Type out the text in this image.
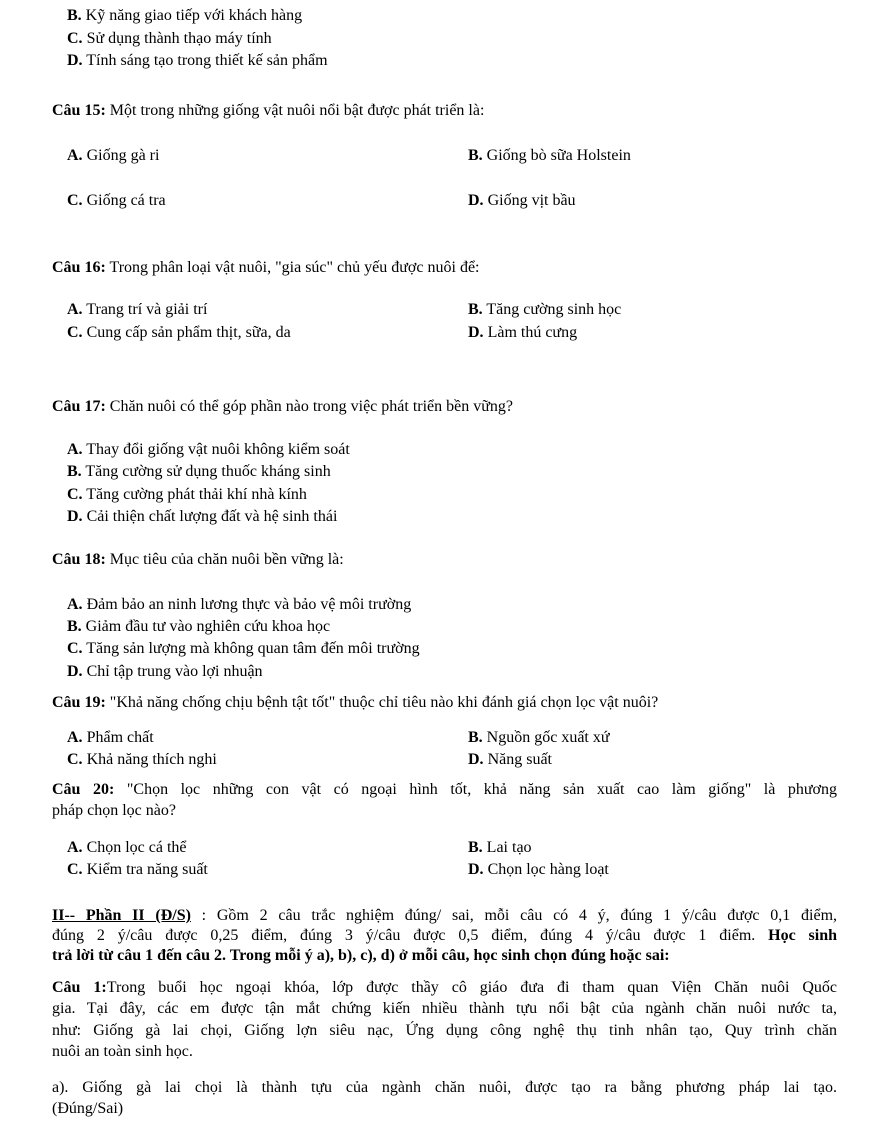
B. Kỹ năng giao tiếp với khách hàng
C. Sử dụng thành thạo máy tính
D. Tính sáng tạo trong thiết kế sản phẩm
Câu 15: Một trong những giống vật nuôi nổi bật được phát triển là:
A. Giống gà ri	B. Giống bò sữa Holstein
C. Giống cá tra	D. Giống vịt bầu
Câu 16: Trong phân loại vật nuôi, "gia súc" chủ yếu được nuôi để:
A. Trang trí và giải trí	B. Tăng cường sinh học
C. Cung cấp sản phẩm thịt, sữa, da	D. Làm thú cưng
Câu 17: Chăn nuôi có thể góp phần nào trong việc phát triển bền vững?
A. Thay đổi giống vật nuôi không kiểm soát
B. Tăng cường sử dụng thuốc kháng sinh
C. Tăng cường phát thải khí nhà kính
D. Cải thiện chất lượng đất và hệ sinh thái
Câu 18: Mục tiêu của chăn nuôi bền vững là:
A. Đảm bảo an ninh lương thực và bảo vệ môi trường
B. Giảm đầu tư vào nghiên cứu khoa học
C. Tăng sản lượng mà không quan tâm đến môi trường
D. Chỉ tập trung vào lợi nhuận
Câu 19: "Khả năng chống chịu bệnh tật tốt" thuộc chỉ tiêu nào khi đánh giá chọn lọc vật nuôi?
A. Phẩm chất	B. Nguồn gốc xuất xứ
C. Khả năng thích nghi	D. Năng suất
Câu 20: "Chọn lọc những con vật có ngoại hình tốt, khả năng sản xuất cao làm giống" là phương
pháp chọn lọc nào?
A. Chọn lọc cá thể	B. Lai tạo
C. Kiểm tra năng suất	D. Chọn lọc hàng loạt
II-- Phần II (Đ/S) : Gồm 2 câu trắc nghiệm đúng/ sai, mỗi câu có 4 ý, đúng 1 ý/câu được 0,1 điểm,
đúng 2 ý/câu được 0,25 điểm, đúng 3 ý/câu được 0,5 điểm, đúng 4 ý/câu được 1 điểm. Học sinh
trả lời từ câu 1 đến câu 2. Trong mỗi ý a), b), c), d) ở mỗi câu, học sinh chọn đúng hoặc sai:
Câu 1:Trong buổi học ngoại khóa, lớp được thầy cô giáo đưa đi tham quan Viện Chăn nuôi Quốc
gia. Tại đây, các em được tận mắt chứng kiến nhiều thành tựu nổi bật của ngành chăn nuôi nước ta,
như: Giống gà lai chọi, Giống lợn siêu nạc, Ứng dụng công nghệ thụ tinh nhân tạo, Quy trình chăn
nuôi an toàn sinh học.
a). Giống gà lai chọi là thành tựu của ngành chăn nuôi, được tạo ra bằng phương pháp lai tạo.
(Đúng/Sai)
